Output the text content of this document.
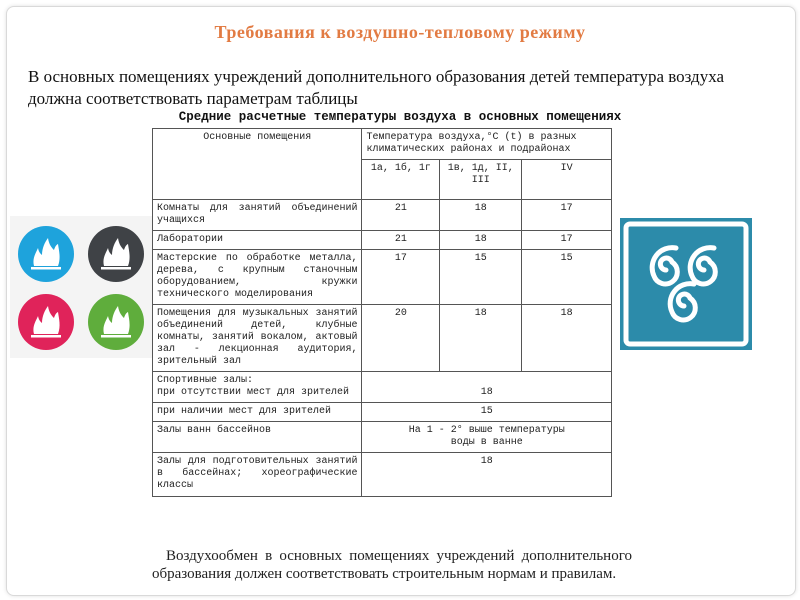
Требования к воздушно-тепловому режиму
В основных помещениях учреждений дополнительного образования детей температура воздуха должна соответствовать параметрам таблицы
Средние расчетные температуры воздуха в основных помещениях
Основные помещения	Температура воздуха,°С (t) в разных климатических районах и подрайонах		
	1а, 1б, 1г	1в, 1д, II, III	IV
Комнаты для занятий объединений учащихся	21	18	17
Лаборатории	21	18	17
Мастерские по обработке металла, дерева, с крупным станочным оборудованием, кружки технического моделирования	17	15	15
Помещения для музыкальных занятий объединений детей, клубные комнаты, занятий вокалом, актовый зал - лекционная аудитория, зрительный зал	20	18	18
Спортивные залы:
при отсутствии мест для зрителей	18		
при наличии мест для зрителей	15		
Залы ванн бассейнов	На 1 - 2° выше температуры воды в ванне		
Залы для подготовительных занятий в бассейнах; хореографические классы	18		
Воздухообмен в основных помещениях учреждений дополнительного образования должен соответствовать строительным нормам и правилам.
